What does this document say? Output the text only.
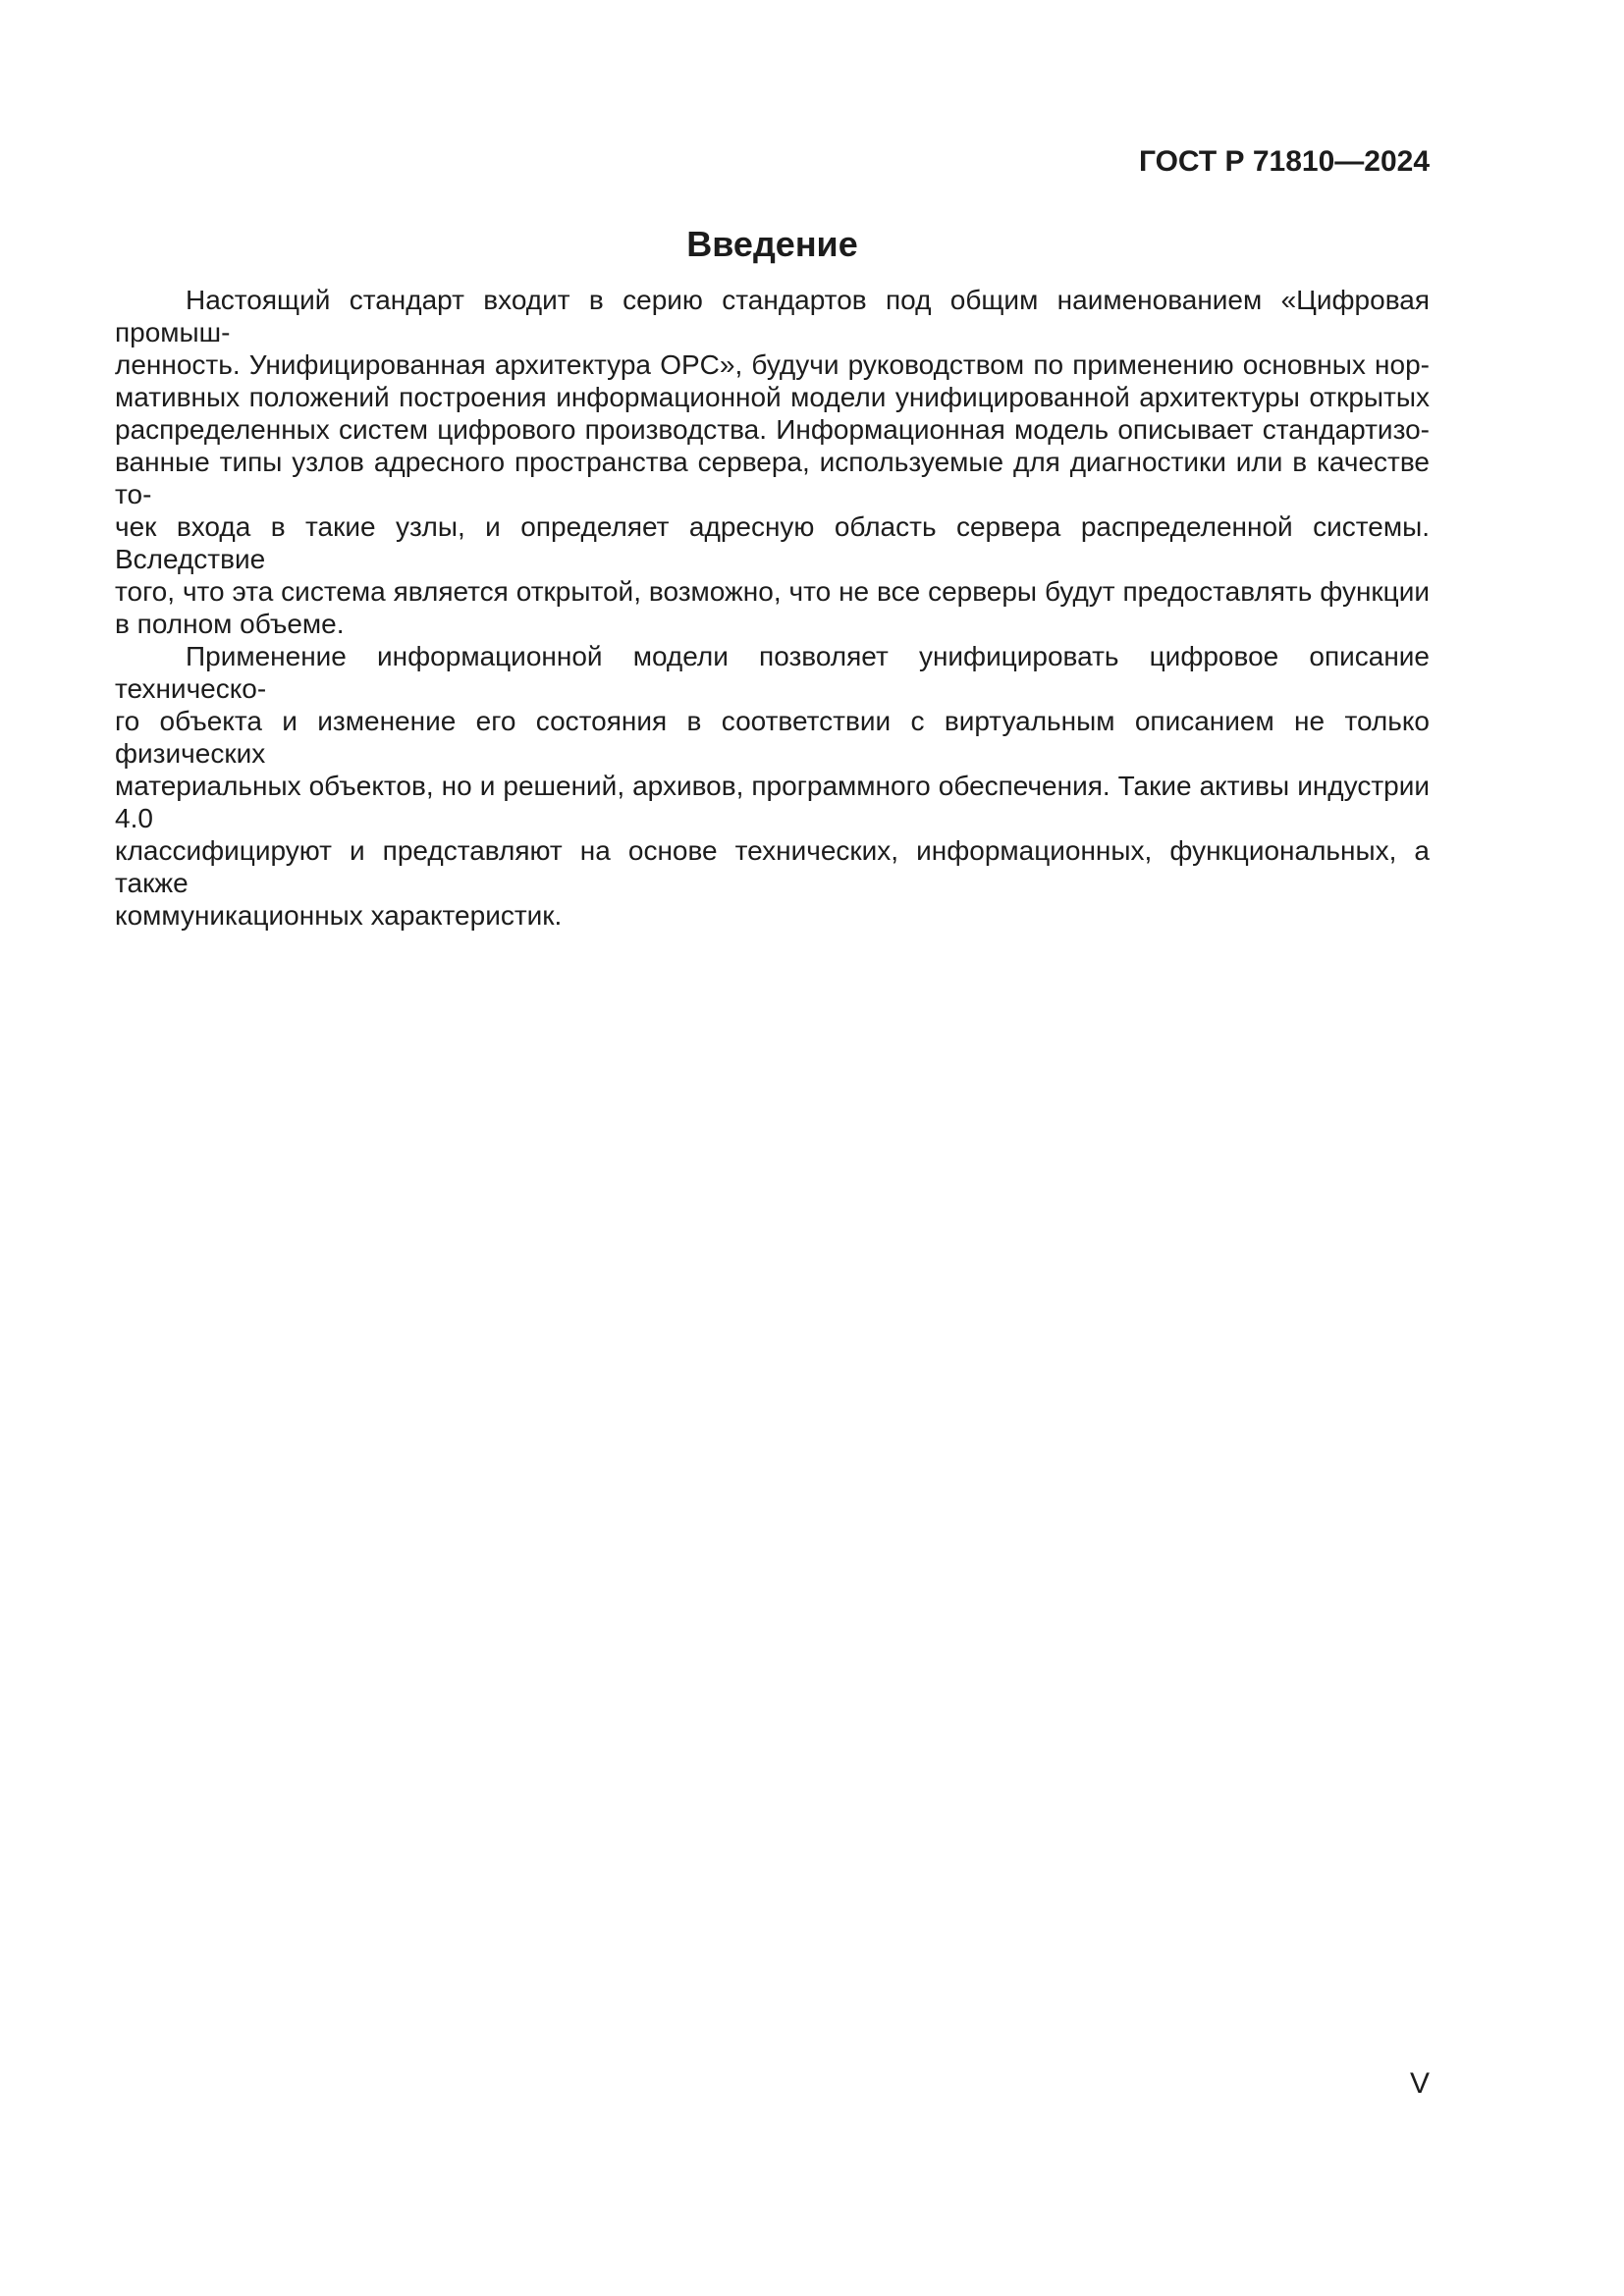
ГОСТ Р 71810—2024
Введение
Настоящий стандарт входит в серию стандартов под общим наименованием «Цифровая промыш-
ленность. Унифицированная архитектура OPC», будучи руководством по применению основных нор-
мативных положений построения информационной модели унифицированной архитектуры открытых
распределенных систем цифрового производства. Информационная модель описывает стандартизо-
ванные типы узлов адресного пространства сервера, используемые для диагностики или в качестве то-
чек входа в такие узлы, и определяет адресную область сервера распределенной системы. Вследствие
того, что эта система является открытой, возможно, что не все серверы будут предоставлять функции
в полном объеме.
Применение информационной модели позволяет унифицировать цифровое описание техническо-
го объекта и изменение его состояния в соответствии с виртуальным описанием не только физических
материальных объектов, но и решений, архивов, программного обеспечения. Такие активы индустрии 4.0
классифицируют и представляют на основе технических, информационных, функциональных, а также
коммуникационных характеристик.
V
